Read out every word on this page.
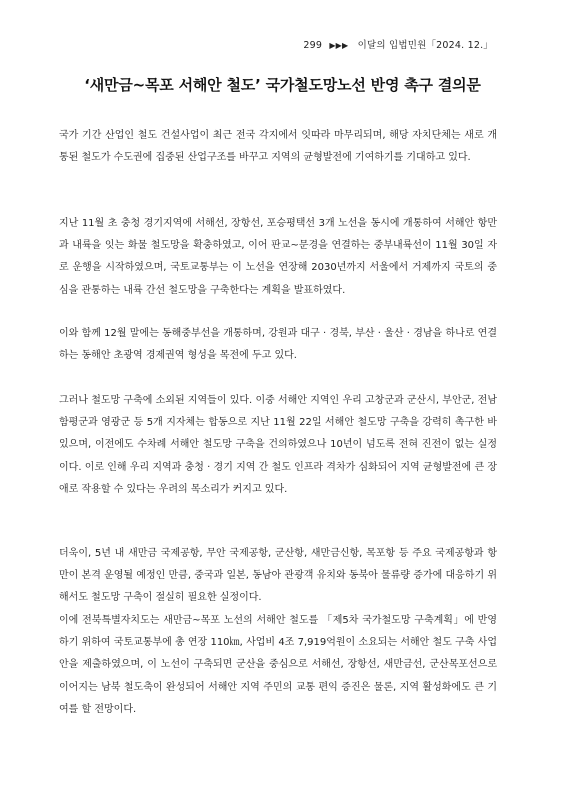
299 ▶▶▶ 이달의 입법민원「2024. 12.」
‘새만금~목포 서해안 철도’ 국가철도망노선 반영 촉구 결의문

국가 기간 산업인 철도 건설사업이 최근 전국 각지에서 잇따라 마무리되며, 해당 자치단체는 새로 개통된 철도가 수도권에 집중된 산업구조를 바꾸고 지역의 균형발전에 기여하기를 기대하고 있다.

지난 11월 초 충청 경기지역에 서해선, 장항선, 포승평택선 3개 노선을 동시에 개통하여 서해안 항만과 내륙을 잇는 화물 철도망을 확충하였고, 이어 판교~문경을 연결하는 중부내륙선이 11월 30일 자로 운행을 시작하였으며, 국토교통부는 이 노선을 연장해 2030년까지 서울에서 거제까지 국토의 중심을 관통하는 내륙 간선 철도망을 구축한다는 계획을 발표하였다.

이와 함께 12월 말에는 동해중부선을 개통하며, 강원과 대구 · 경북, 부산 · 울산 · 경남을 하나로 연결하는 동해안 초광역 경제권역 형성을 목전에 두고 있다.

그러나 철도망 구축에 소외된 지역들이 있다. 이중 서해안 지역인 우리 고창군과 군산시, 부안군, 전남 함평군과 영광군 등 5개 지자체는 합동으로 지난 11월 22일 서해안 철도망 구축을 강력히 촉구한 바 있으며, 이전에도 수차례 서해안 철도망 구축을 건의하였으나 10년이 넘도록 전혀 진전이 없는 실정이다. 이로 인해 우리 지역과 충청 · 경기 지역 간 철도 인프라 격차가 심화되어 지역 균형발전에 큰 장애로 작용할 수 있다는 우려의 목소리가 커지고 있다.

더욱이, 5년 내 새만금 국제공항, 무안 국제공항, 군산항, 새만금신항, 목포항 등 주요 국제공항과 항만이 본격 운영될 예정인 만큼, 중국과 일본, 동남아 관광객 유치와 동북아 물류량 증가에 대응하기 위해서도 철도망 구축이 절실히 필요한 실정이다.

이에 전북특별자치도는 새만금~목포 노선의 서해안 철도를 「제5차 국가철도망 구축계획」에 반영하기 위하여 국토교통부에 총 연장 110㎞, 사업비 4조 7,919억원이 소요되는 서해안 철도 구축 사업안을 제출하였으며, 이 노선이 구축되면 군산을 중심으로 서해선, 장항선, 새만금선, 군산목포선으로 이어지는 남북 철도축이 완성되어 서해안 지역 주민의 교통 편익 증진은 물론, 지역 활성화에도 큰 기여를 할 전망이다.
